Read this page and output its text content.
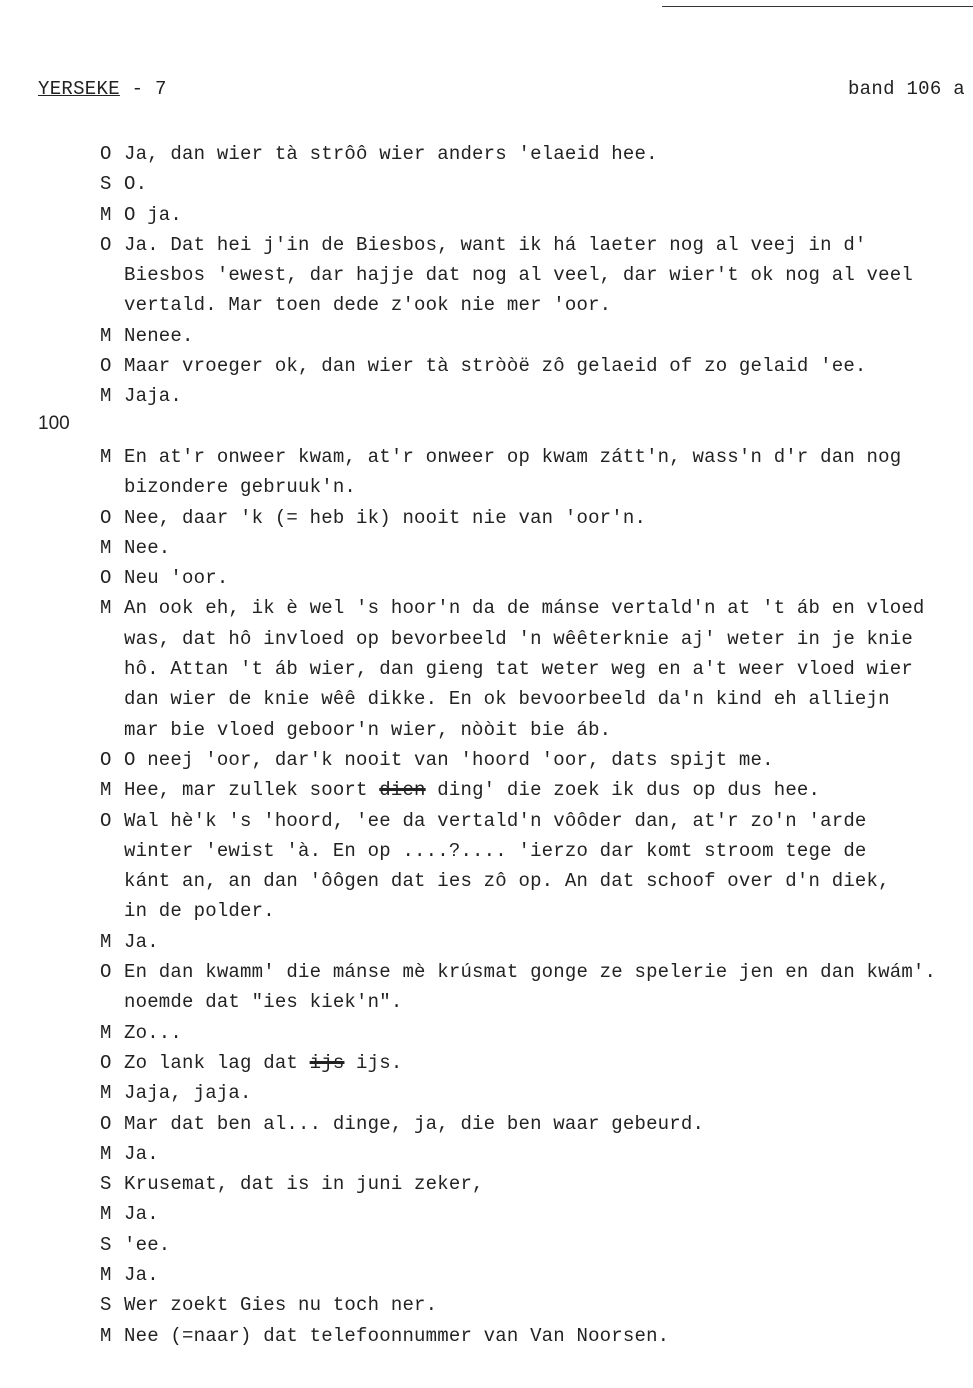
YERSEKE - 7	band 106 a
100
O Ja, dan wier tà strôô wier anders 'elaeid hee.
S O.
M O ja.
O Ja. Dat hei j'in de Biesbos, want ik há laeter nog al veej in d'
Biesbos 'ewest, dar hajje dat nog al veel, dar wier't ok nog al veel
vertald. Mar toen dede z'ook nie mer 'oor.
M Nenee.
O Maar vroeger ok, dan wier tà stròòë zô gelaeid of zo gelaid 'ee.
M Jaja.
M En at'r onweer kwam, at'r onweer op kwam zátt'n, wass'n d'r dan nog
bizondere gebruuk'n.
O Nee, daar 'k (= heb ik) nooit nie van 'oor'n.
M Nee.
O Neu 'oor.
M An ook eh, ik è wel 's hoor'n da de mánse vertald'n at 't áb en vloed
was, dat hô invloed op bevorbeeld 'n wêêterknie aj' weter in je knie
hô. Attan 't áb wier, dan gieng tat weter weg en a't weer vloed wier
dan wier de knie wêê dikke. En ok bevoorbeeld da'n kind eh alliejn
mar bie vloed geboor'n wier, nòòit bie áb.
O O neej 'oor, dar'k nooit van 'hoord 'oor, dats spijt me.
M Hee, mar zullek soort
dien ding' die zoek ik dus op dus hee.
O Wal hè'k 's 'hoord, 'ee da vertald'n vôôder dan, at'r zo'n 'arde
winter 'ewist 'à. En op ....?.... 'ierzo dar komt stroom tege de
kánt an, an dan 'ôôgen dat ies zô op. An dat schoof over d'n diek,
in de polder.
M Ja.
O En dan kwamm' die mánse mè krúsmat gonge ze spelerie jen en dan kwám'.
noemde dat "ies kiek'n".
M Zo...
O Zo lank lag dat
ijs ijs.
M Jaja, jaja.
O Mar dat ben al... dinge, ja, die ben waar gebeurd.
M Ja.
S Krusemat, dat is in juni zeker,
M Ja.
S 'ee.
M Ja.
S Wer zoekt Gies nu toch ner.
M Nee (=naar) dat telefoonnummer van Van Noorsen.
